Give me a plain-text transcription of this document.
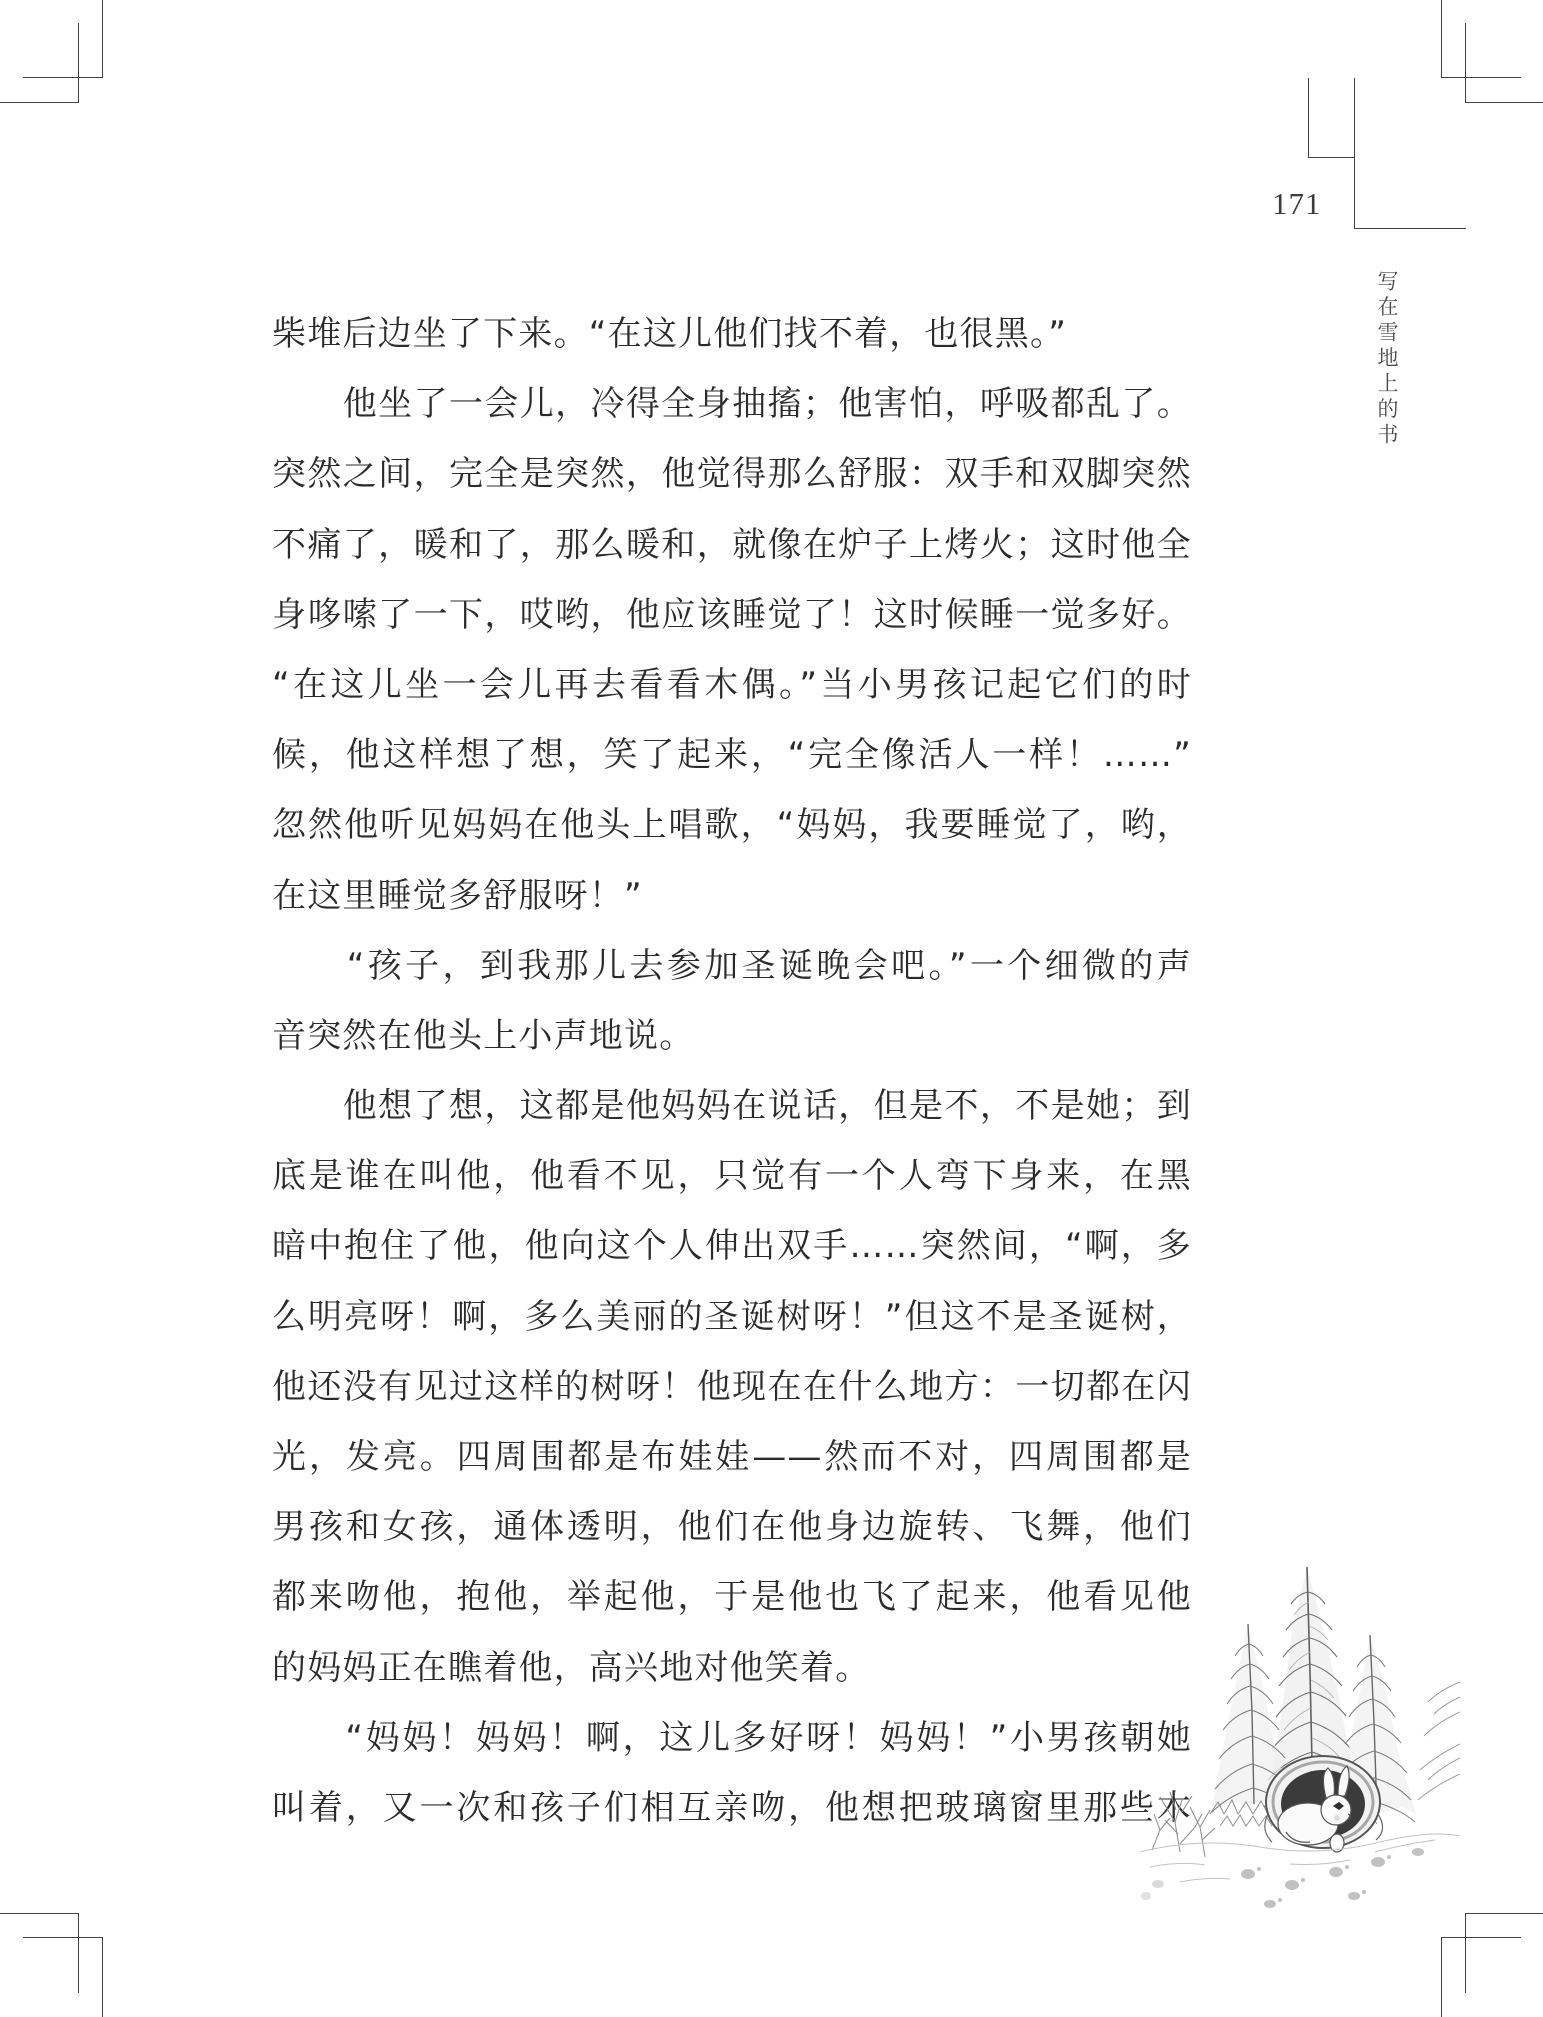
171
写在雪地上的书
柴堆后边坐了下来。“在这儿他们找不着，也很黑。”
　　他坐了一会儿，冷得全身抽搐；他害怕，呼吸都乱了。
突然之间，完全是突然，他觉得那么舒服：双手和双脚突然
不痛了，暖和了，那么暖和，就像在炉子上烤火；这时他全
身哆嗦了一下，哎哟，他应该睡觉了！这时候睡一觉多好。
“在这儿坐一会儿再去看看木偶。”当小男孩记起它们的时
候，他这样想了想，笑了起来，“完全像活人一样！……”
忽然他听见妈妈在他头上唱歌，“妈妈，我要睡觉了，哟，
在这里睡觉多舒服呀！”
　　“孩子，到我那儿去参加圣诞晚会吧。”一个细微的声
音突然在他头上小声地说。
　　他想了想，这都是他妈妈在说话，但是不，不是她；到
底是谁在叫他，他看不见，只觉有一个人弯下身来，在黑
暗中抱住了他，他向这个人伸出双手……突然间，“啊，多
么明亮呀！啊，多么美丽的圣诞树呀！”但这不是圣诞树，
他还没有见过这样的树呀！他现在在什么地方：一切都在闪
光，发亮。四周围都是布娃娃——然而不对，四周围都是
男孩和女孩，通体透明，他们在他身边旋转、飞舞，他们
都来吻他，抱他，举起他，于是他也飞了起来，他看见他
的妈妈正在瞧着他，高兴地对他笑着。
　　“妈妈！妈妈！啊，这儿多好呀！妈妈！”小男孩朝她
叫着，又一次和孩子们相互亲吻，他想把玻璃窗里那些木
